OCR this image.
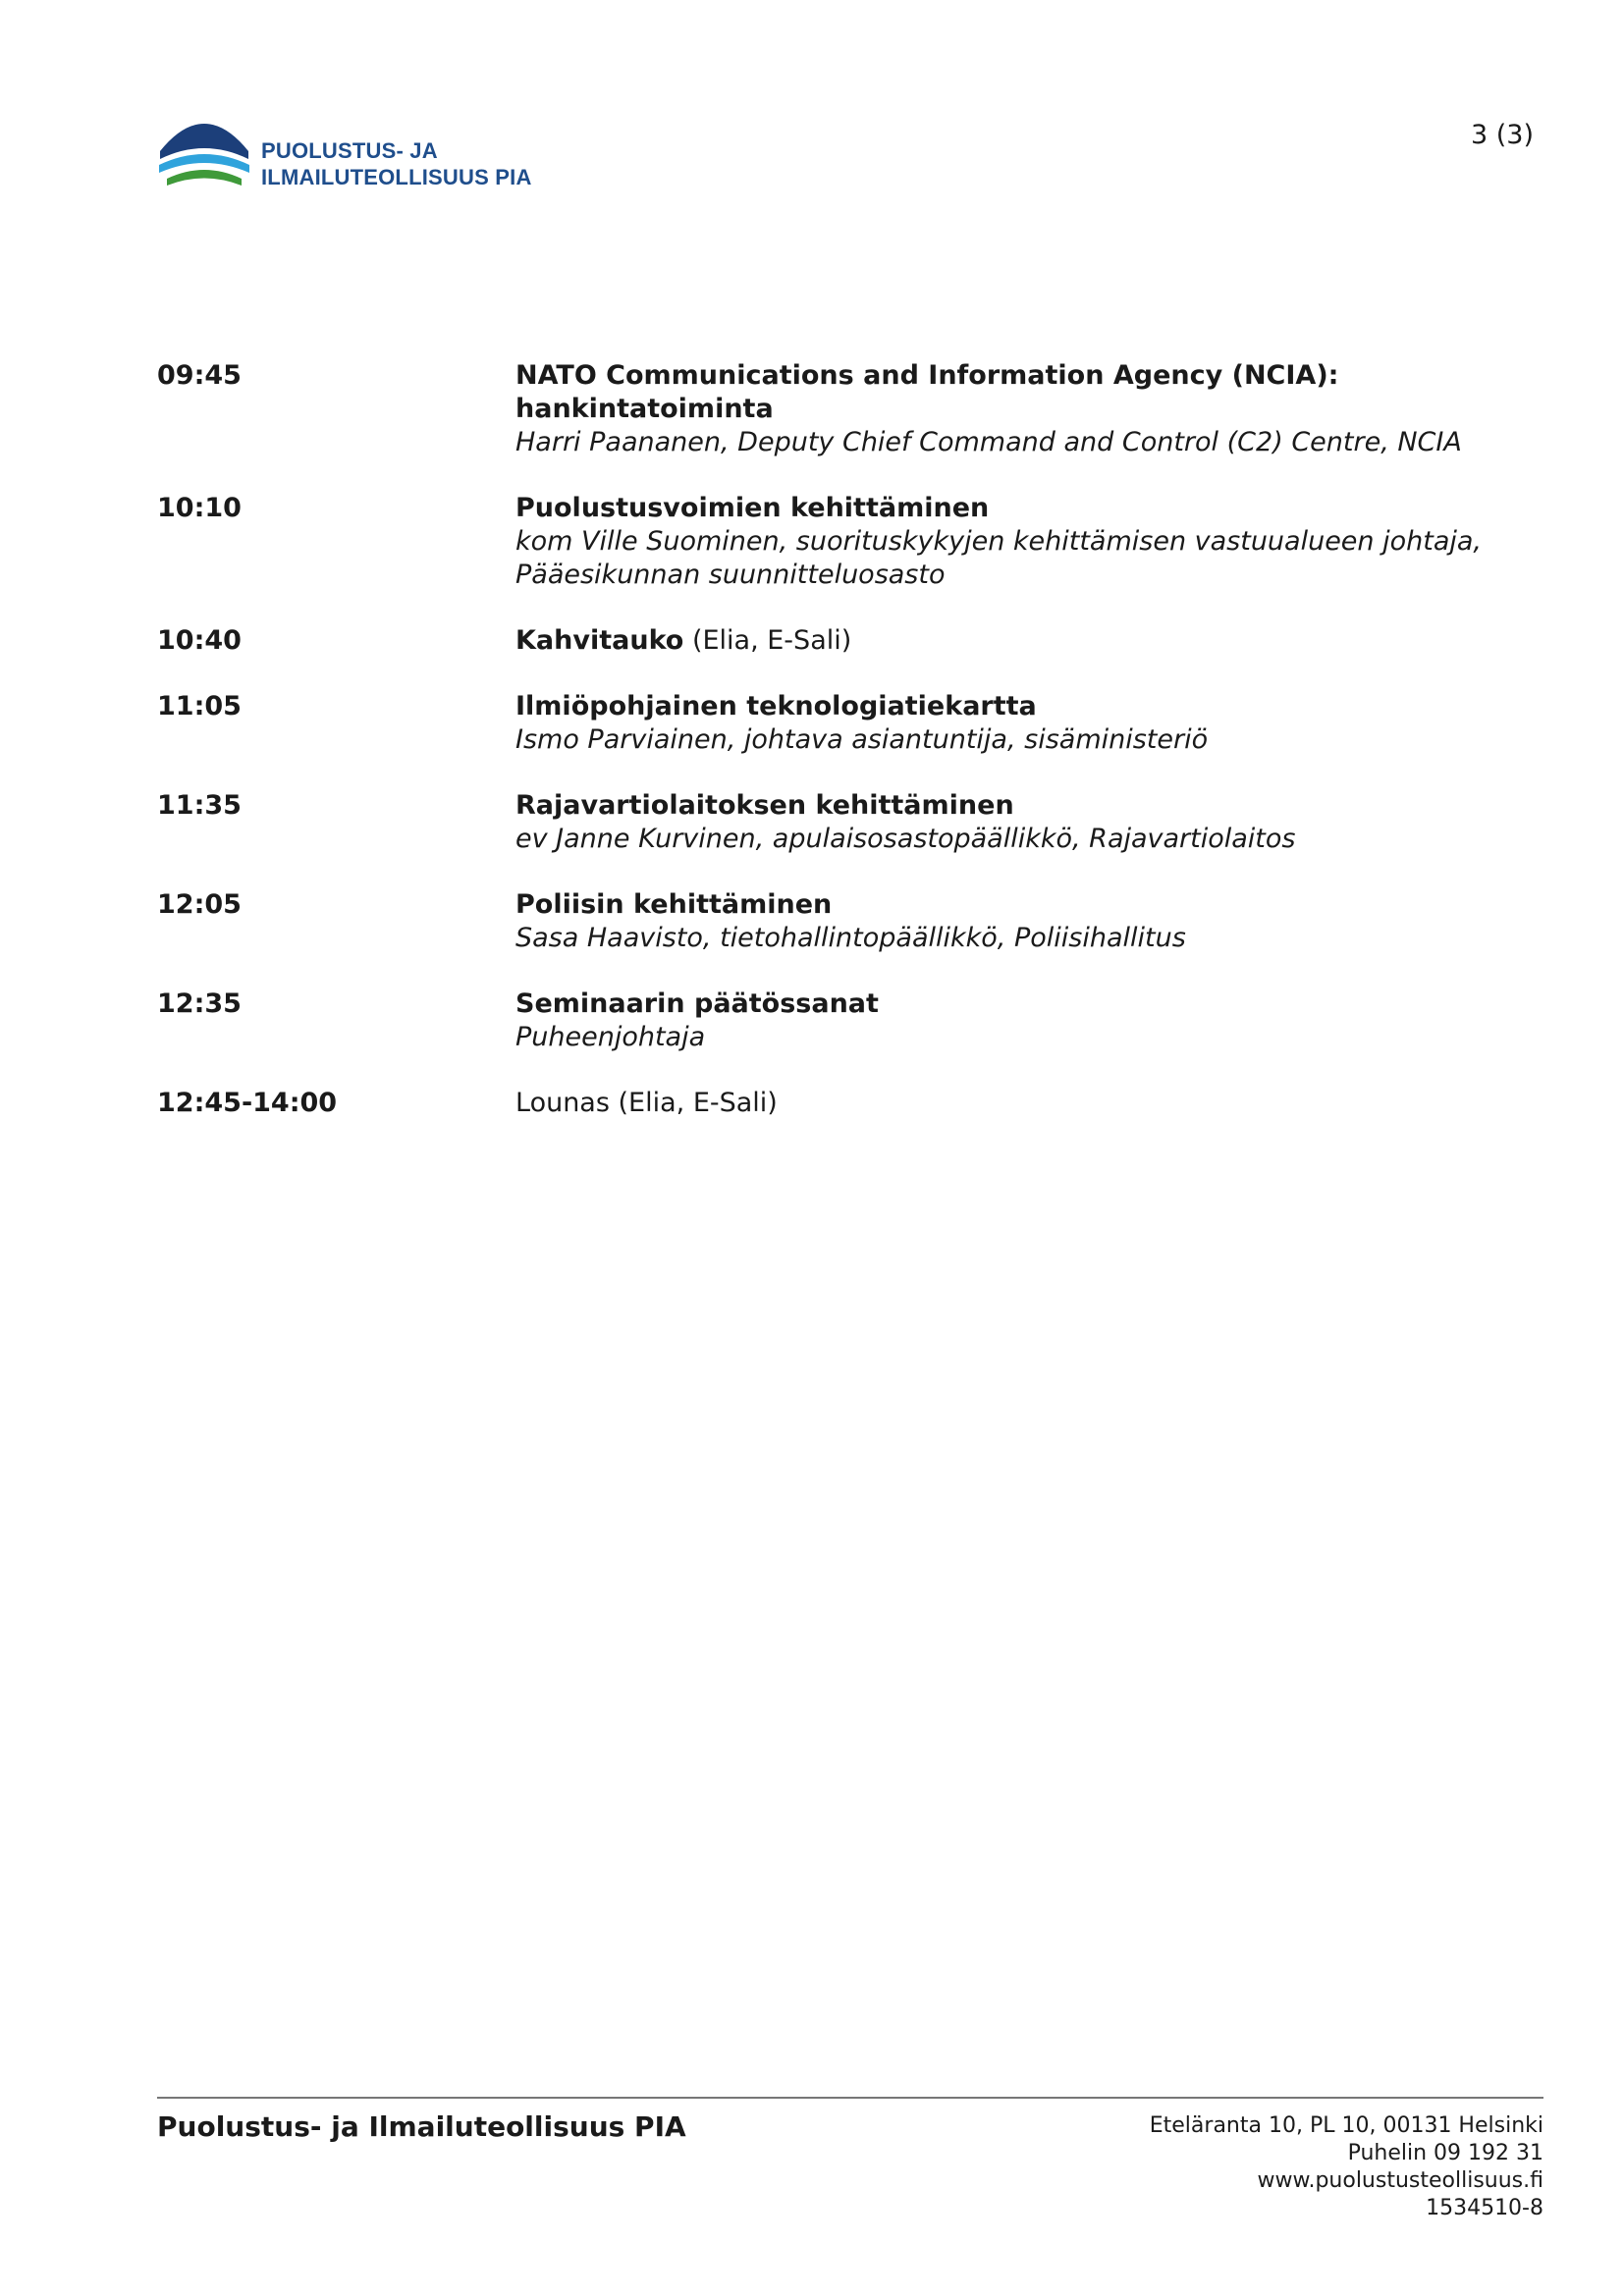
PUOLUSTUS- JA
ILMAILUTEOLLISUUS PIA
3 (3)
09:45	NATO Communications and Information Agency (NCIA): hankintatoiminta
Harri Paananen, Deputy Chief Command and Control (C2) Centre, NCIA
10:10	Puolustusvoimien kehittäminen
kom Ville Suominen, suorituskykyjen kehittämisen vastuualueen johtaja, Pääesikunnan suunnitteluosasto
10:40	Kahvitauko (Elia, E-Sali)
11:05	Ilmiöpohjainen teknologiatiekartta
Ismo Parviainen, johtava asiantuntija, sisäministeriö
11:35	Rajavartiolaitoksen kehittäminen
ev Janne Kurvinen, apulaisosastopäällikkö, Rajavartiolaitos
12:05	Poliisin kehittäminen
Sasa Haavisto, tietohallintopäällikkö, Poliisihallitus
12:35	Seminaarin päätössanat
Puheenjohtaja
12:45-14:00	Lounas (Elia, E-Sali)
Puolustus- ja Ilmailuteollisuus PIA	Eteläranta 10, PL 10, 00131 Helsinki
Puhelin 09 192 31
www.puolustusteollisuus.fi
1534510-8
